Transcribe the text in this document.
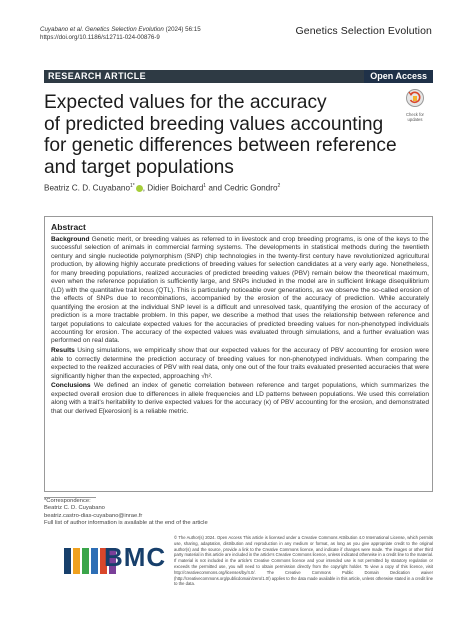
Cuyabano et al. Genetics Selection Evolution (2024) 56:15
https://doi.org/10.1186/s12711-024-00876-9
Genetics Selection Evolution
RESEARCH ARTICLE	Open Access
Expected values for the accuracy
of predicted breeding values accounting
for genetic differences between reference
and target populations
Check for
updates
Beatriz C. D. Cuyabano$^{1*}$ , Didier Boichard$^1$ and Cedric Gondro$^2$
Abstract

Background Genetic merit, or breeding values as referred to in livestock and crop breeding programs, is one of the keys to the successful selection of animals in commercial farming systems. The developments in statistical methods during the twentieth century and single nucleotide polymorphism (SNP) chip technologies in the twenty-first century have revolutionized agricultural production, by allowing highly accurate predictions of breeding values for selection candidates at a very early age. Nonetheless, for many breeding populations, realized accuracies of predicted breeding values (PBV) remain below the theoretical maximum, even when the reference population is sufficiently large, and SNPs included in the model are in sufficient linkage disequilibrium (LD) with the quantitative trait locus (QTL). This is particularly noticeable over generations, as we observe the so-called erosion of the effects of SNPs due to recombinations, accompanied by the erosion of the accuracy of prediction. While accurately quantifying the erosion at the individual SNP level is a difficult and unresolved task, quantifying the erosion of the accuracy of prediction is a more tractable problem. In this paper, we describe a method that uses the relationship between reference and target populations to calculate expected values for the accuracies of predicted breeding values for non-phenotyped individuals accounting for erosion. The accuracy of the expected values was evaluated through simulations, and a further evaluation was performed on real data.

Results Using simulations, we empirically show that our expected values for the accuracy of PBV accounting for erosion were able to correctly determine the prediction accuracy of breeding values for non-phenotyped individuals. When comparing the expected to the realized accuracies of PBV with real data, only one out of the four traits evaluated presented accuracies that were significantly higher than the expected, approaching √h².

Conclusions We defined an index of genetic correlation between reference and target populations, which summarizes the expected overall erosion due to differences in allele frequencies and LD patterns between populations. We used this correlation along with a trait's heritability to derive expected values for the accuracy (κ) of PBV accounting for the erosion, and demonstrated that our derived E[κerosion] is a reliable metric.

*Correspondence:
Beatriz C. D. Cuyabano
beatriz.castro-dias-cuyabano@inrae.fr
Full list of author information is available at the end of the article
BMC
© The Author(s) 2024. Open Access This article is licensed under a Creative Commons Attribution 4.0 International License, which permits use, sharing, adaptation, distribution and reproduction in any medium or format, as long as you give appropriate credit to the original author(s) and the source, provide a link to the Creative Commons licence, and indicate if changes were made. The images or other third party material in this article are included in the article's Creative Commons licence, unless indicated otherwise in a credit line to the material. If material is not included in the article's Creative Commons licence and your intended use is not permitted by statutory regulation or exceeds the permitted use, you will need to obtain permission directly from the copyright holder. To view a copy of this licence, visit http://creativecommons.org/licenses/by/4.0/. The Creative Commons Public Domain Dedication waiver (http://creativecommons.org/publicdomain/zero/1.0/) applies to the data made available in this article, unless otherwise stated in a credit line to the data.
